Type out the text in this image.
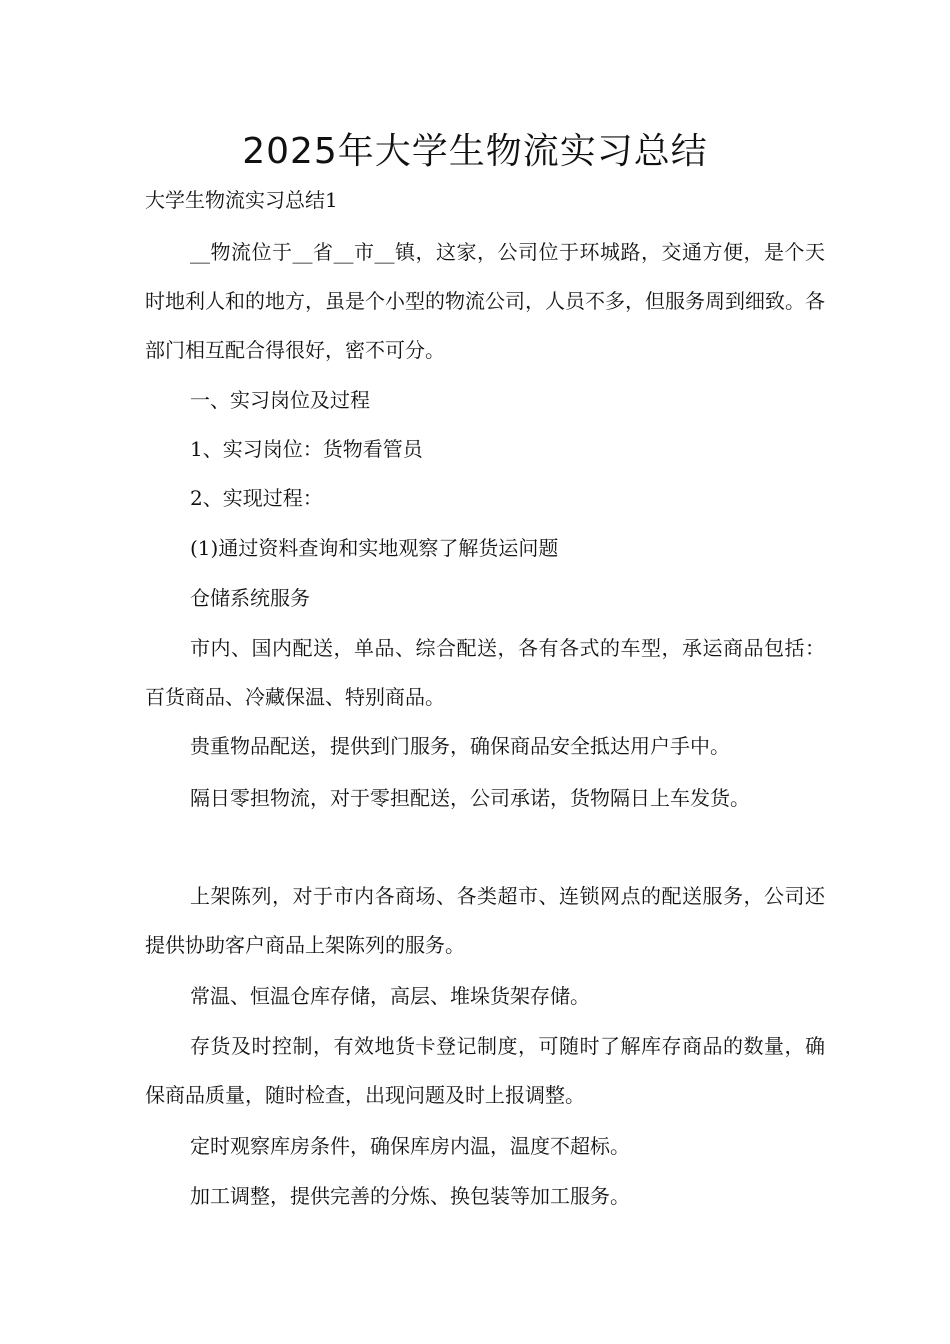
2025年大学生物流实习总结

大学生物流实习总结1

__物流位于__省__市__镇，这家，公司位于环城路，交通方便，是个天时地利人和的地方，虽是个小型的物流公司，人员不多，但服务周到细致。各部门相互配合得很好，密不可分。

一、实习岗位及过程

1、实习岗位：货物看管员

2、实现过程：

(1)通过资料查询和实地观察了解货运问题

仓储系统服务

市内、国内配送，单品、综合配送，各有各式的车型，承运商品包括：百货商品、冷藏保温、特别商品。

贵重物品配送，提供到门服务，确保商品安全抵达用户手中。

隔日零担物流，对于零担配送，公司承诺，货物隔日上车发货。

上架陈列，对于市内各商场、各类超市、连锁网点的配送服务，公司还提供协助客户商品上架陈列的服务。

常温、恒温仓库存储，高层、堆垛货架存储。

存货及时控制，有效地货卡登记制度，可随时了解库存商品的数量，确保商品质量，随时检查，出现问题及时上报调整。

定时观察库房条件，确保库房内温，温度不超标。

加工调整，提供完善的分炼、换包装等加工服务。
